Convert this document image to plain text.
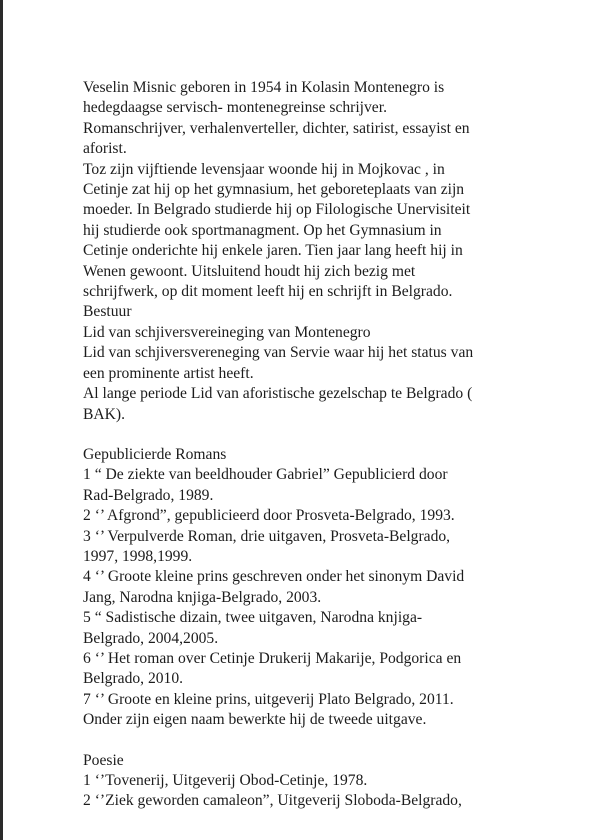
Veselin Misnic geboren in 1954 in Kolasin Montenegro is
hedegdaagse servisch- montenegreinse schrijver.
Romanschrijver, verhalenverteller, dichter, satirist, essayist en
aforist.
Toz zijn vijftiende levensjaar woonde hij in Mojkovac , in
Cetinje zat hij op het gymnasium, het geboreteplaats van zijn
moeder. In Belgrado studierde hij op Filologische Unervisiteit
hij studierde ook sportmanagment. Op het Gymnasium in
Cetinje onderichte hij enkele jaren. Tien jaar lang heeft hij in
Wenen gewoont. Uitsluitend houdt hij zich bezig met
schrijfwerk, op dit moment leeft hij en schrijft in Belgrado.
Bestuur
Lid van schjiversvereineging van Montenegro
Lid van schjiversvereneging van Servie waar hij het status van
een prominente artist heeft.
Al lange periode Lid van aforistische gezelschap te Belgrado (
BAK).
Gepublicierde Romans
1 “ De ziekte van beeldhouder Gabriel” Gepublicierd door
Rad-Belgrado, 1989.
2 ‘’ Afgrond”, gepublicieerd door Prosveta-Belgrado, 1993.
3 ‘’ Verpulverde Roman, drie uitgaven, Prosveta-Belgrado,
1997, 1998,1999.
4 ‘’ Groote kleine prins geschreven onder het sinonym David
Jang, Narodna knjiga-Belgrado, 2003.
5 “ Sadistische dizain, twee uitgaven, Narodna knjiga-
Belgrado, 2004,2005.
6 ‘’ Het roman over Cetinje Drukerij Makarije, Podgorica en
Belgrado, 2010.
7 ‘’ Groote en kleine prins, uitgeverij Plato Belgrado, 2011.
Onder zijn eigen naam bewerkte hij de tweede uitgave.
Poesie
1 ‘’Tovenerij, Uitgeverij Obod-Cetinje, 1978.
2 ‘’Ziek geworden camaleon”, Uitgeverij Sloboda-Belgrado,
